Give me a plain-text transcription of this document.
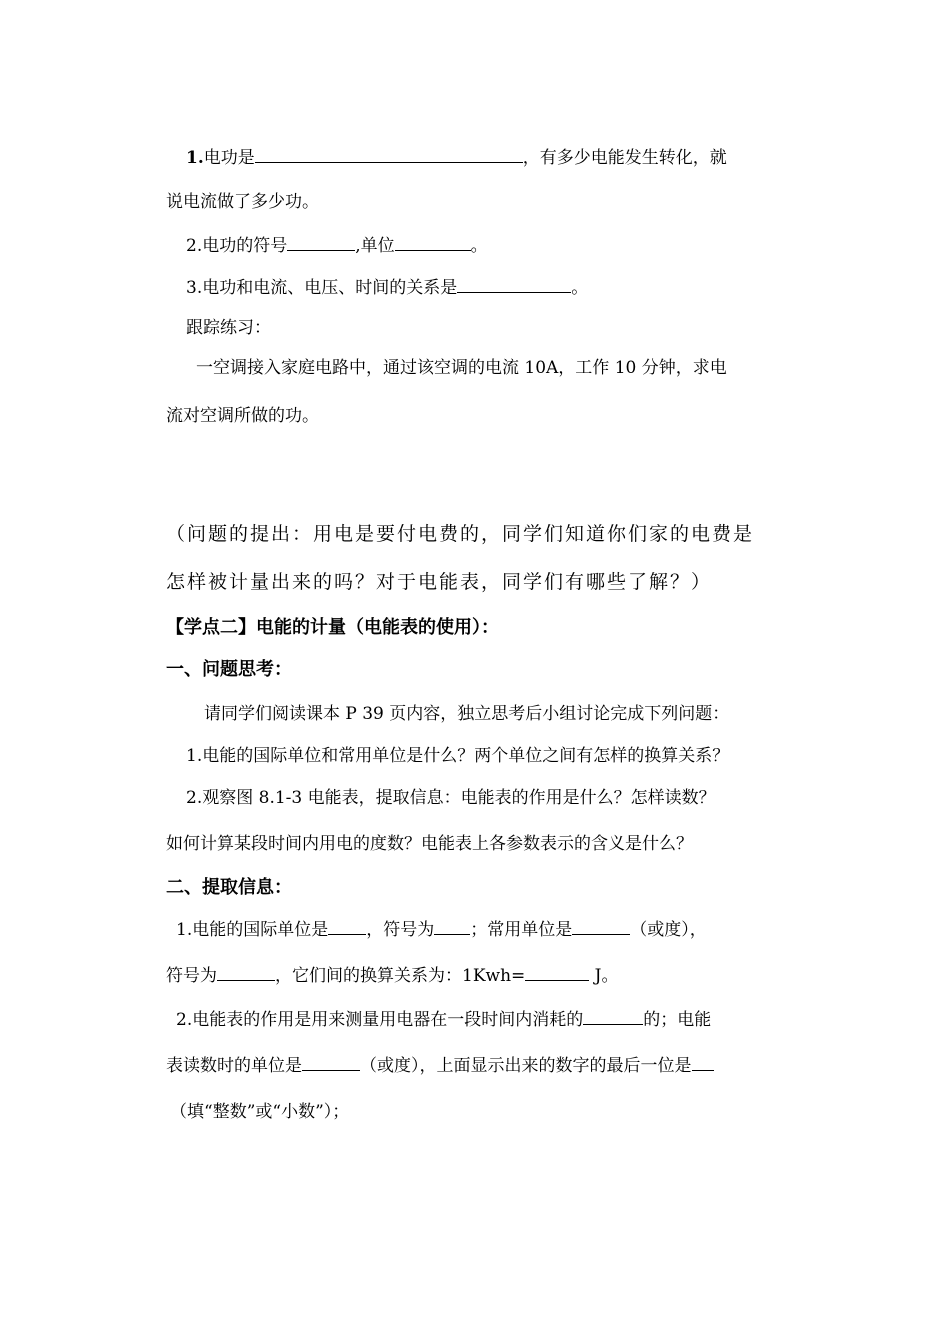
1.电功是	，有多少电能发生转化，就
说电流做了多少功。
2.电功的符号	,单位	。
3.电功和电流、电压、时间的关系是	。
跟踪练习：
一空调接入家庭电路中，通过该空调的电流 10A，工作 10 分钟，求电
流对空调所做的功。
（问题的提出：用电是要付电费的，同学们知道你们家的电费是
怎样被计量出来的吗？对于电能表，同学们有哪些了解？）
【学点二】电能的计量（电能表的使用）：
一、问题思考：
请同学们阅读课本 P 39 页内容，独立思考后小组讨论完成下列问题：
1.电能的国际单位和常用单位是什么？两个单位之间有怎样的换算关系？
2.观察图 8.1-3 电能表，提取信息：电能表的作用是什么？怎样读数？
如何计算某段时间内用电的度数？电能表上各参数表示的含义是什么？
二、提取信息：
1.电能的国际单位是 ，符号为 ；常用单位是	（或度），
符号为	，它们间的换算关系为：1Kwh=	J。
2.电能表的作用是用来测量用电器在一段时间内消耗的	的；电能
表读数时的单位是	（或度），上面显示出来的数字的最后一位是
（填“整数”或“小数”）；
